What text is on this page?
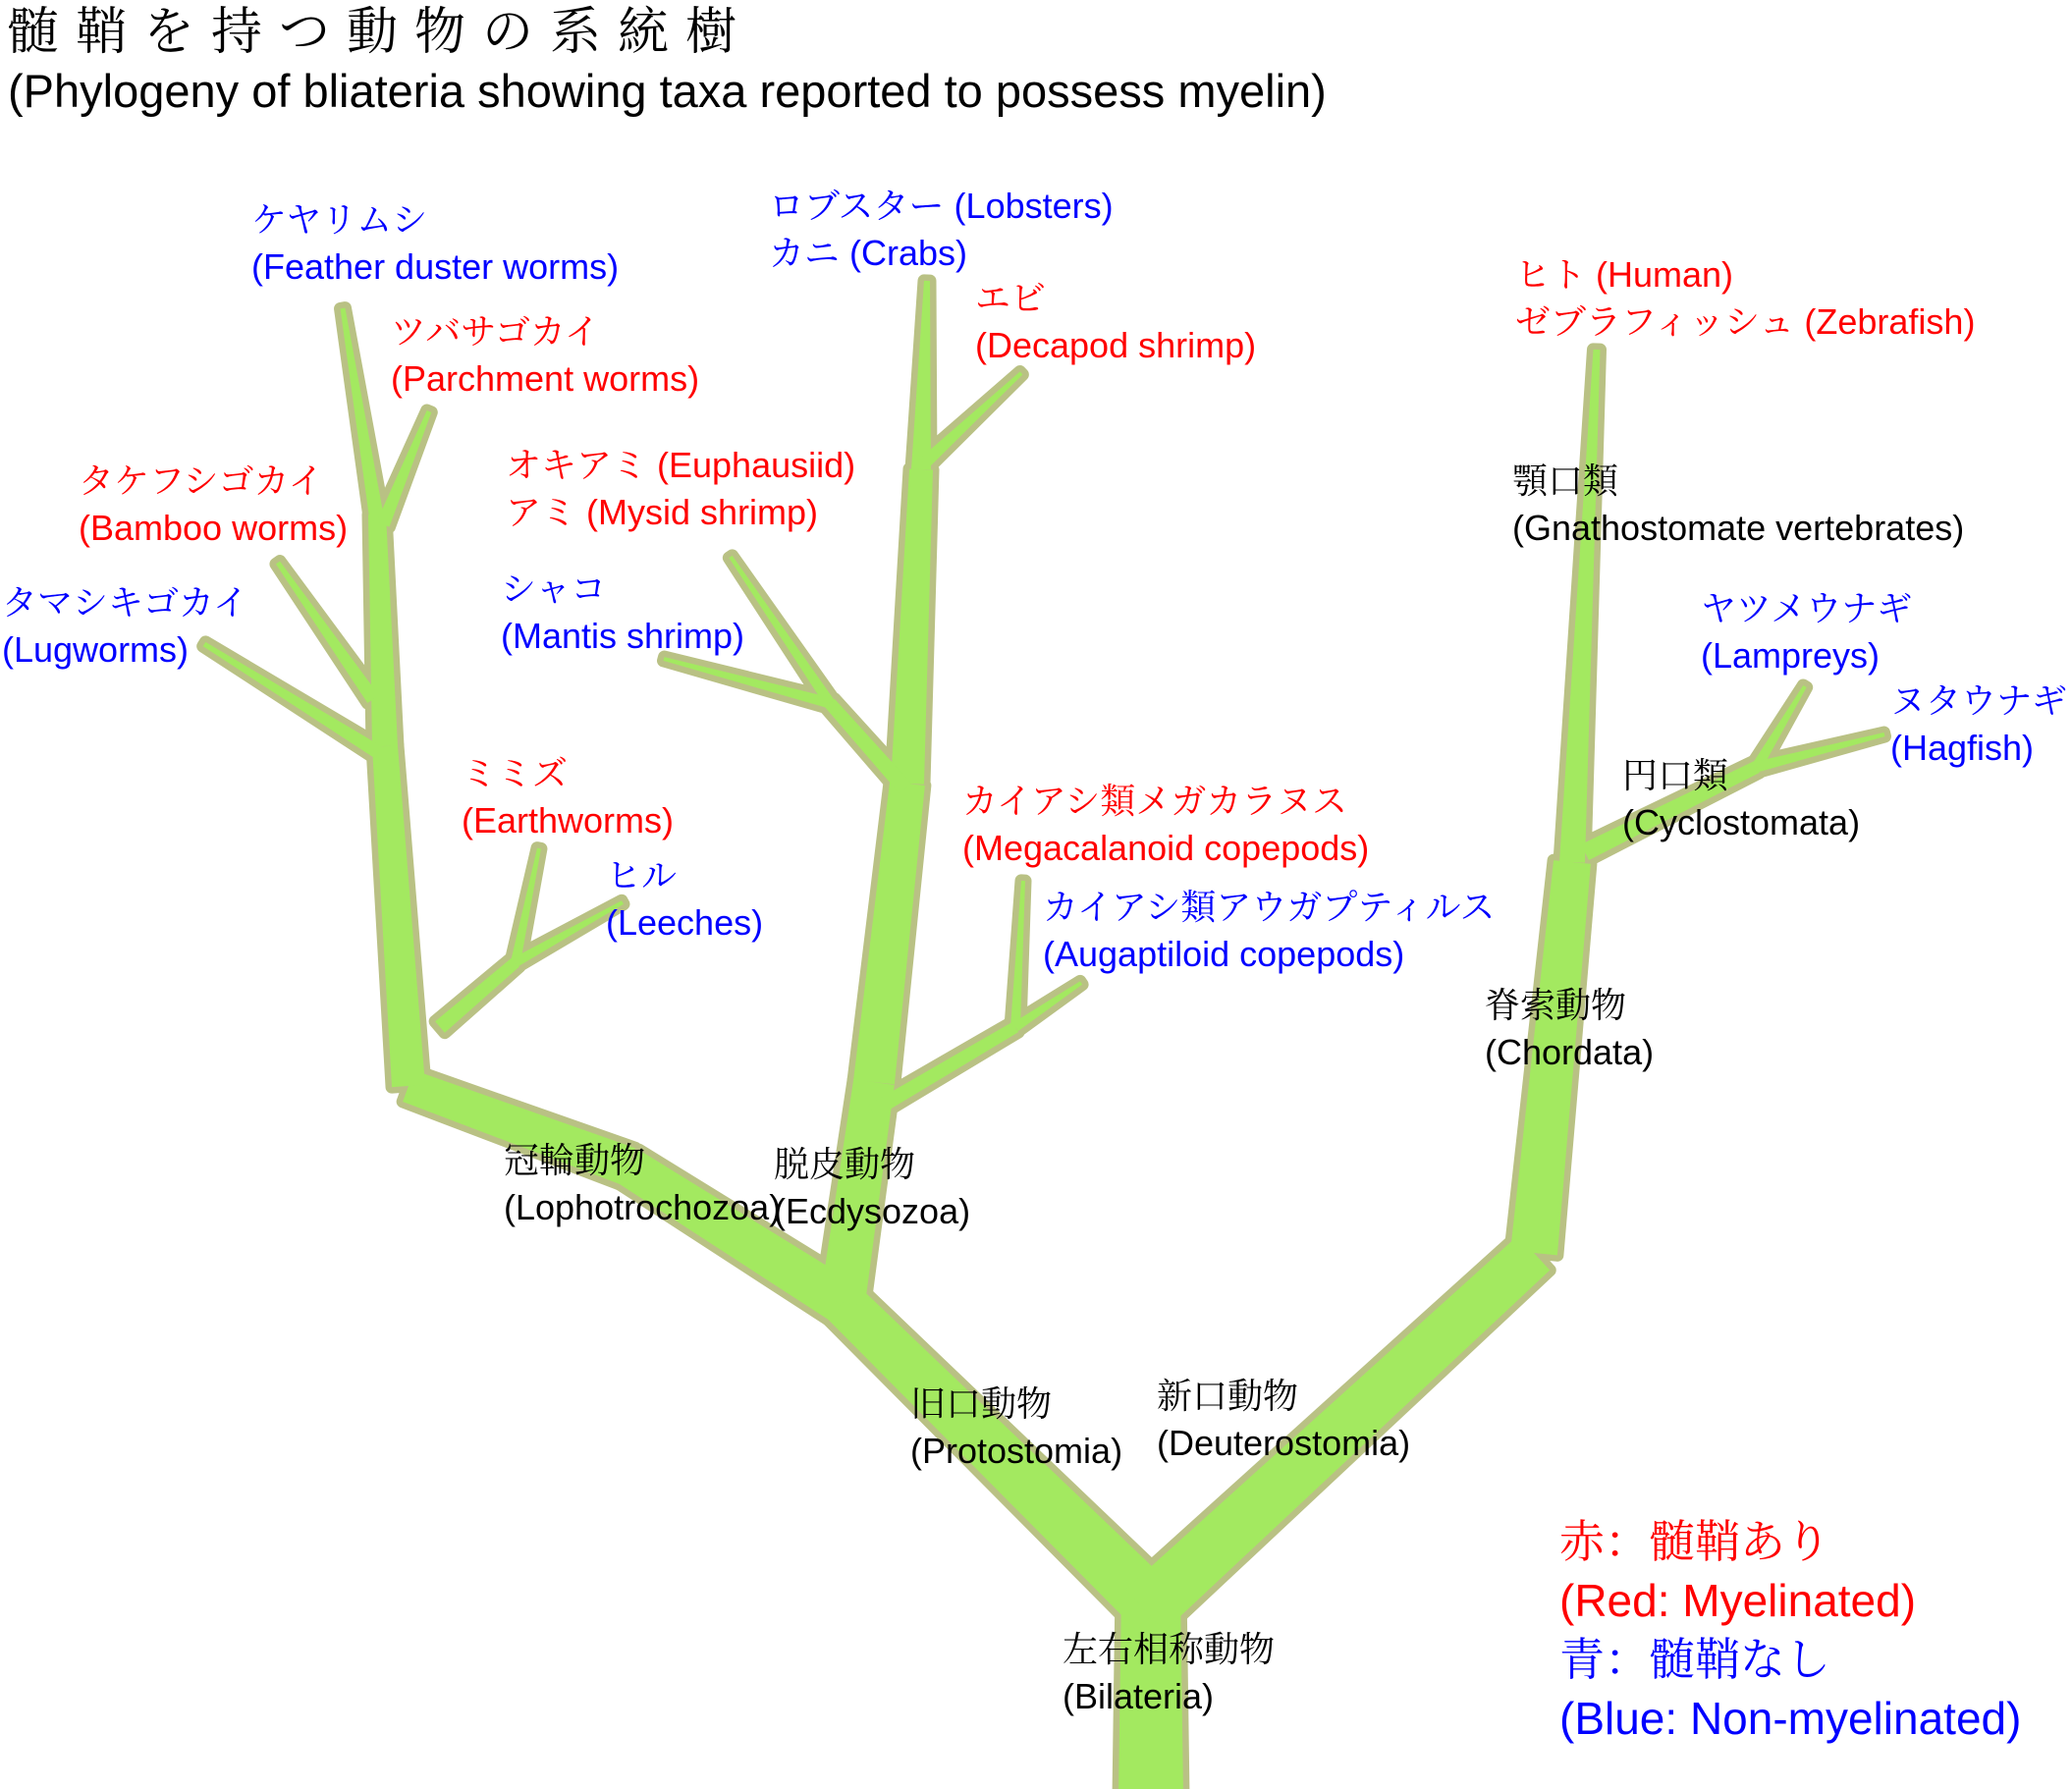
髄鞘を持つ動物の系統樹
(Phylogeny of bliateria showing taxa reported to possess myelin)
ケヤリムシ
(Feather duster worms)
ツバサゴカイ
(Parchment worms)
タケフシゴカイ
(Bamboo worms)
タマシキゴカイ
(Lugworms)
ロブスター (Lobsters)
カニ (Crabs)
エビ
(Decapod shrimp)
オキアミ (Euphausiid)
アミ (Mysid shrimp)
シャコ
(Mantis shrimp)
ミミズ
(Earthworms)
ヒル
(Leeches)
カイアシ類メガカラヌス
(Megacalanoid copepods)
カイアシ類アウガプティルス
(Augaptiloid copepods)
ヒト (Human)
ゼブラフィッシュ (Zebrafish)
顎口類
(Gnathostomate vertebrates)
ヤツメウナギ
(Lampreys)
ヌタウナギ
(Hagfish)
円口類
(Cyclostomata)
脊索動物
(Chordata)
冠輪動物
(Lophotrochozoa)
脱皮動物
(Ecdysozoa)
旧口動物
(Protostomia)
新口動物
(Deuterostomia)
左右相称動物
(Bilateria)
赤：髄鞘あり
(Red: Myelinated)
青：髄鞘なし
(Blue: Non-myelinated)
